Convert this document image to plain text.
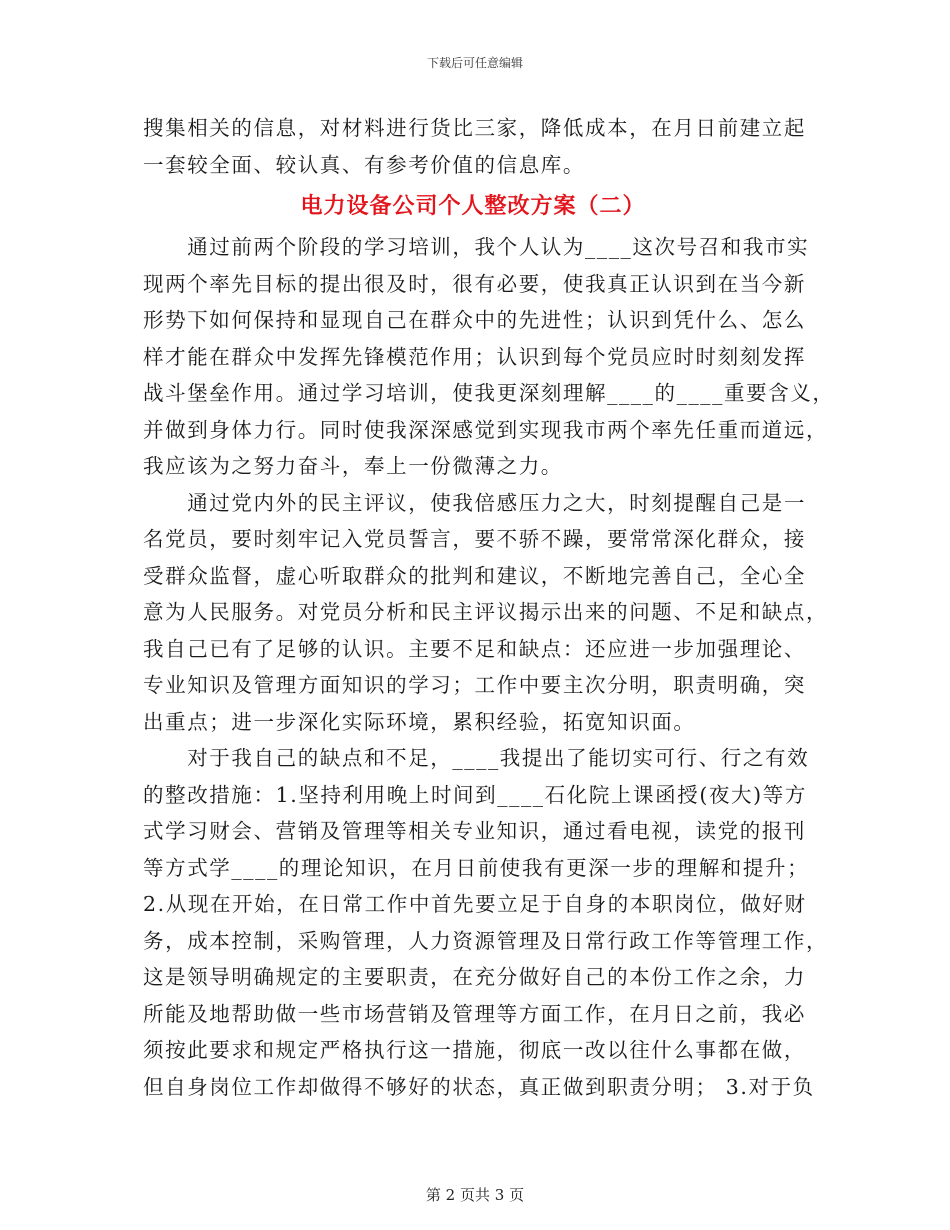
下载后可任意编辑
搜集相关的信息，对材料进行货比三家，降低成本，在月日前建立起
一套较全面、较认真、有参考价值的信息库。
电力设备公司个人整改方案（二）
　　通过前两个阶段的学习培训，我个人认为____这次号召和我市实
现两个率先目标的提出很及时，很有必要，使我真正认识到在当今新
形势下如何保持和显现自己在群众中的先进性；认识到凭什么、怎么
样才能在群众中发挥先锋模范作用；认识到每个党员应时时刻刻发挥
战斗堡垒作用。通过学习培训，使我更深刻理解____的____重要含义，
并做到身体力行。同时使我深深感觉到实现我市两个率先任重而道远，
我应该为之努力奋斗，奉上一份微薄之力。
　　通过党内外的民主评议，使我倍感压力之大，时刻提醒自己是一
名党员，要时刻牢记入党员誓言，要不骄不躁，要常常深化群众，接
受群众监督，虚心听取群众的批判和建议，不断地完善自己，全心全
意为人民服务。对党员分析和民主评议揭示出来的问题、不足和缺点，
我自己已有了足够的认识。主要不足和缺点：还应进一步加强理论、
专业知识及管理方面知识的学习；工作中要主次分明，职责明确，突
出重点；进一步深化实际环境，累积经验，拓宽知识面。
　　对于我自己的缺点和不足，____我提出了能切实可行、行之有效
的整改措施：1.坚持利用晚上时间到____石化院上课函授(夜大)等方
式学习财会、营销及管理等相关专业知识，通过看电视，读党的报刊
等方式学____的理论知识，在月日前使我有更深一步的理解和提升；
2.从现在开始，在日常工作中首先要立足于自身的本职岗位，做好财
务，成本控制，采购管理，人力资源管理及日常行政工作等管理工作，
这是领导明确规定的主要职责，在充分做好自己的本份工作之余，力
所能及地帮助做一些市场营销及管理等方面工作，在月日之前，我必
须按此要求和规定严格执行这一措施，彻底一改以往什么事都在做，
但自身岗位工作却做得不够好的状态，真正做到职责分明； 3.对于负
第 2 页共 3 页
